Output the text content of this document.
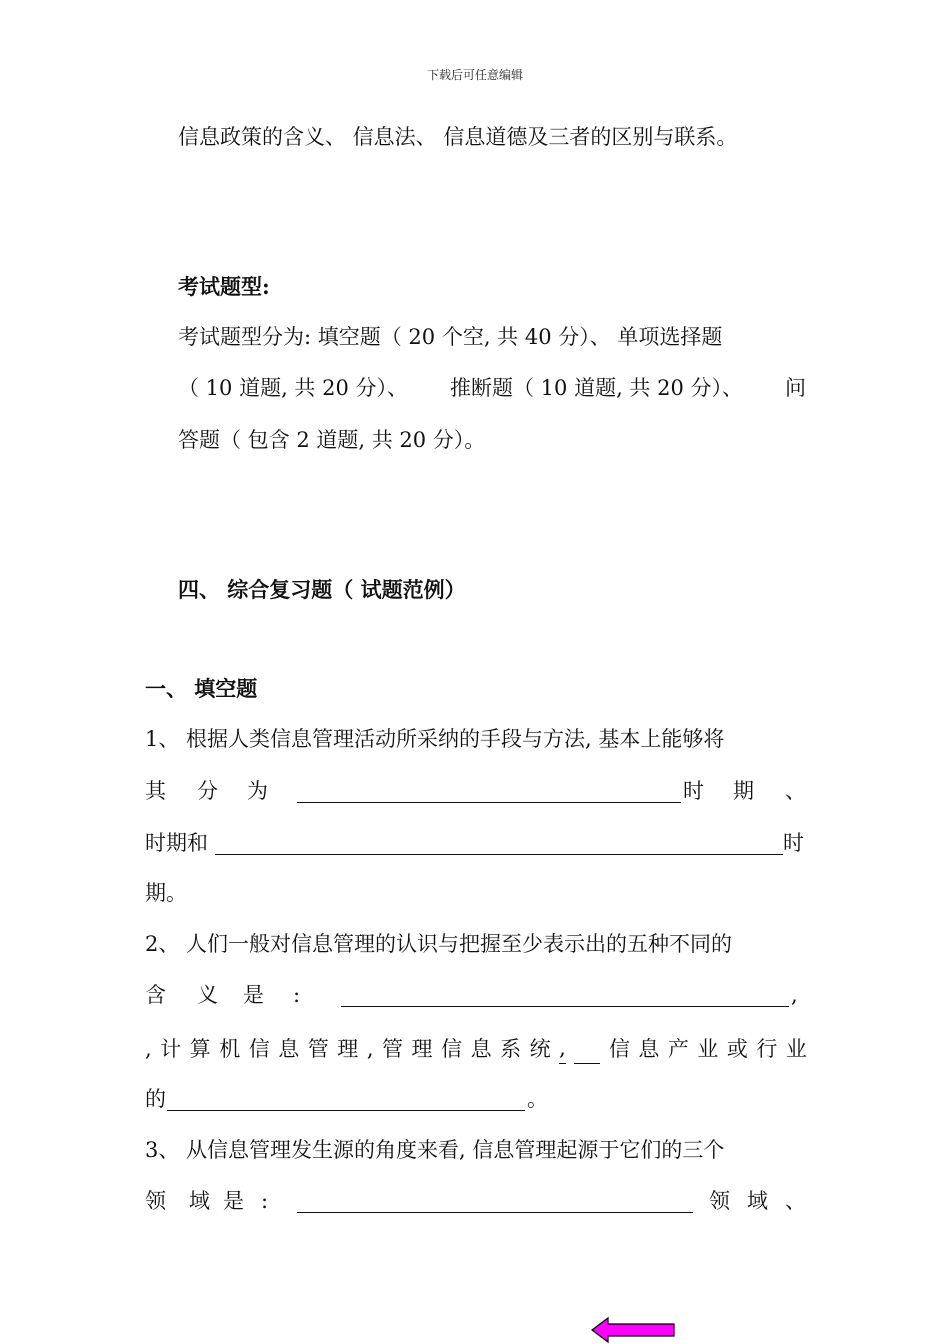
下载后可任意编辑
信息政策的含义、 信息法、 信息道德及三者的区别与联系。
考试题型:
考试题型分为: 填空题（ 20 个空, 共 40 分）、 单项选择题
（ 10 道题, 共 20 分）、 推断题（ 10 道题, 共 20 分）、 问
答题（ 包含 2 道题, 共 20 分）。
四、 综合复习题（ 试题范例）
一、 填空题
1、 根据人类信息管理活动所采纳的手段与方法, 基本上能够将
其 分 为	时 期 、
时期和	时
期。
2、 人们一般对信息管理的认识与把握至少表示出的五种不同的
含 义 是 :	,
, 计 算 机 信 息 管 理 , 管 理 信 息 系 统 , 信 息 产 业 或 行 业
的	。
3、 从信息管理发生源的角度来看, 信息管理起源于它们的三个
领 域 是 :	领 域 、
